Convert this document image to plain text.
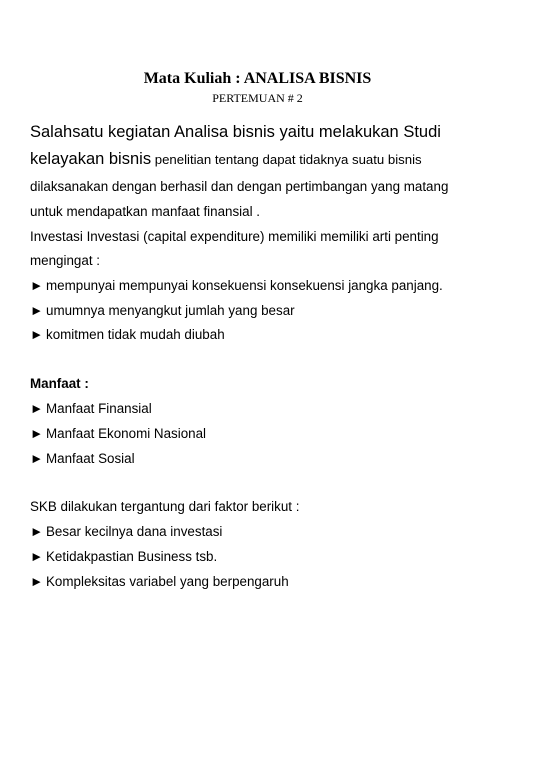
Mata Kuliah : ANALISA BISNIS
PERTEMUAN # 2
Salahsatu kegiatan Analisa bisnis yaitu melakukan Studi
kelayakan bisnis penelitian tentang dapat tidaknya suatu bisnis
dilaksanakan dengan berhasil dan dengan pertimbangan yang matang
untuk mendapatkan manfaat finansial .
Investasi Investasi (capital expenditure) memiliki memiliki arti penting
mengingat :
► mempunyai mempunyai konsekuensi konsekuensi jangka panjang.
► umumnya menyangkut jumlah yang besar
► komitmen tidak mudah diubah
Manfaat :
► Manfaat Finansial
► Manfaat Ekonomi Nasional
► Manfaat Sosial
SKB dilakukan tergantung dari faktor berikut :
► Besar kecilnya dana investasi
► Ketidakpastian Business tsb.
► Kompleksitas variabel yang berpengaruh
